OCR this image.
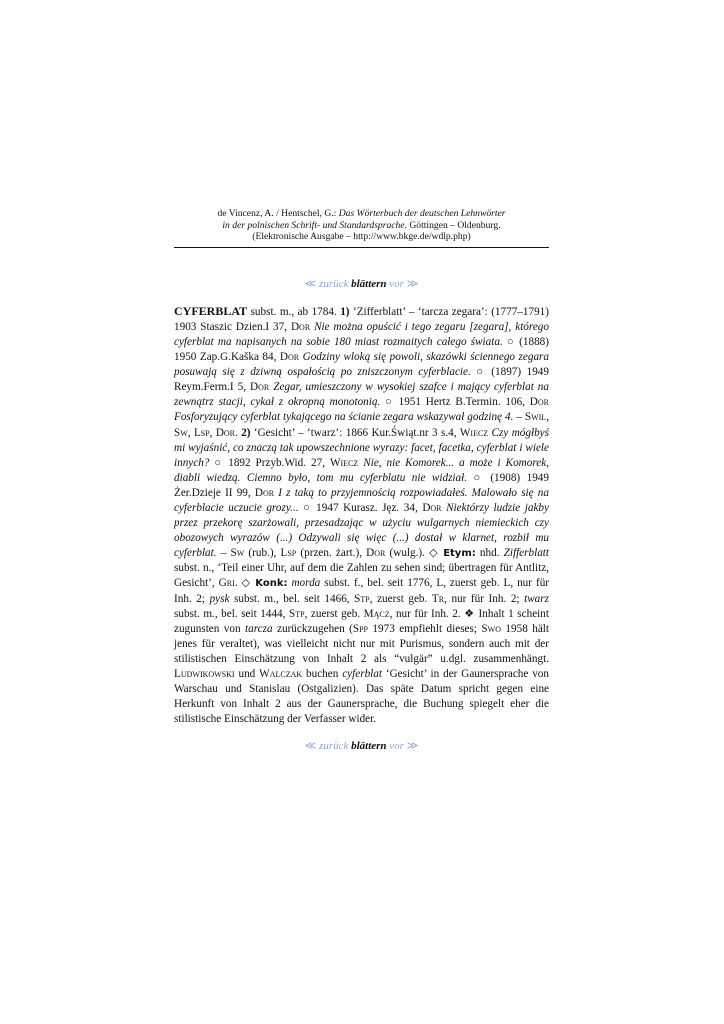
de Vincenz, A. / Hentschel, G.: Das Wörterbuch der deutschen Lehnwörter
in der polnischen Schrift- und Standardsprache. Göttingen – Oldenburg.
(Elektronische Ausgabe – http://www.bkge.de/wdlp.php)
≪ zurück blättern vor ≫
CYFERBLAT subst. m., ab 1784. 1) ‘Zifferblatt’ – ‘tarcza zegara’: (1777–1791) 1903 Staszic Dzien.I 37, Dor Nie można opuścić i tego zegaru [zegara], którego cyferblat ma napisanych na sobie 180 miast rozmaitych całego świata. ○ (1888) 1950 Zap.G.Kaška 84, Dor Godziny wloką się powoli, skazówki ściennego zegara posuwają się z dziwną ospałością po zniszczonym cyferblacie. ○ (1897) 1949 Reym.Ferm.I 5, Dor Zegar, umieszczony w wysokiej szafce i mający cyferblat na zewnątrz stacji, cykał z okropną monotonią. ○ 1951 Hertz B.Termin. 106, Dor Fosforyzujący cyferblat tykającego na ścianie zegara wskazywał godzinę 4. – Swil, Sw, Lsp, Dor. 2) ‘Gesicht’ – ‘twarz’: 1866 Kur.Świąt.nr 3 s.4, Wiecz Czy mógłbyś mi wyjaśnić, co znaczą tak upowszechnione wyrazy: facet, facetka, cyferblat i wiele innych? ○ 1892 Przyb.Wid. 27, Wiecz Nie, nie Komorek... a może i Komorek, diabli wiedzą. Ciemno było, tom mu cyferblatu nie widział. ○ (1908) 1949 Żer.Dzieje II 99, Dor I z taką to przyjemnością rozpowiadałeś. Malowało się na cyferblacie uczucie grozy... ○ 1947 Kurasz. Jęz. 34, Dor Niektórzy ludzie jakby przez przekorę szarżowali, przesadzając w użyciu wulgarnych niemieckich czy obozowych wyrazów (...) Odzywali się więc (...) dostał w klarnet, rozbił mu cyferblat. – Sw (rub.), Lsp (przen. żart.), Dor (wulg.). ◇ Etym: nhd. Zifferblatt subst. n., ‘Teil einer Uhr, auf dem die Zahlen zu sehen sind; übertragen für Antlitz, Gesicht’, Gri. ◇ Konk: morda subst. f., bel. seit 1776, L, zuerst geb. L, nur für Inh. 2; pysk subst. m., bel. seit 1466, Stp, zuerst geb. Tr, nur für Inh. 2; twarz subst. m., bel. seit 1444, Stp, zuerst geb. Mącz, nur für Inh. 2. ❖ Inhalt 1 scheint zugunsten von tarcza zurückzugehen (Spp 1973 empfiehlt dieses; Swo 1958 hält jenes für veraltet), was vielleicht nicht nur mit Purismus, sondern auch mit der stilistischen Einschätzung von Inhalt 2 als “vulgär” u.dgl. zusammenhängt. Ludwikowski und Walczak buchen cyferblat ‘Gesicht’ in der Gaunersprache von Warschau und Stanislau (Ostgalizien). Das späte Datum spricht gegen eine Herkunft von Inhalt 2 aus der Gaunersprache, die Buchung spiegelt eher die stilistische Einschätzung der Verfasser wider.
≪ zurück blättern vor ≫
